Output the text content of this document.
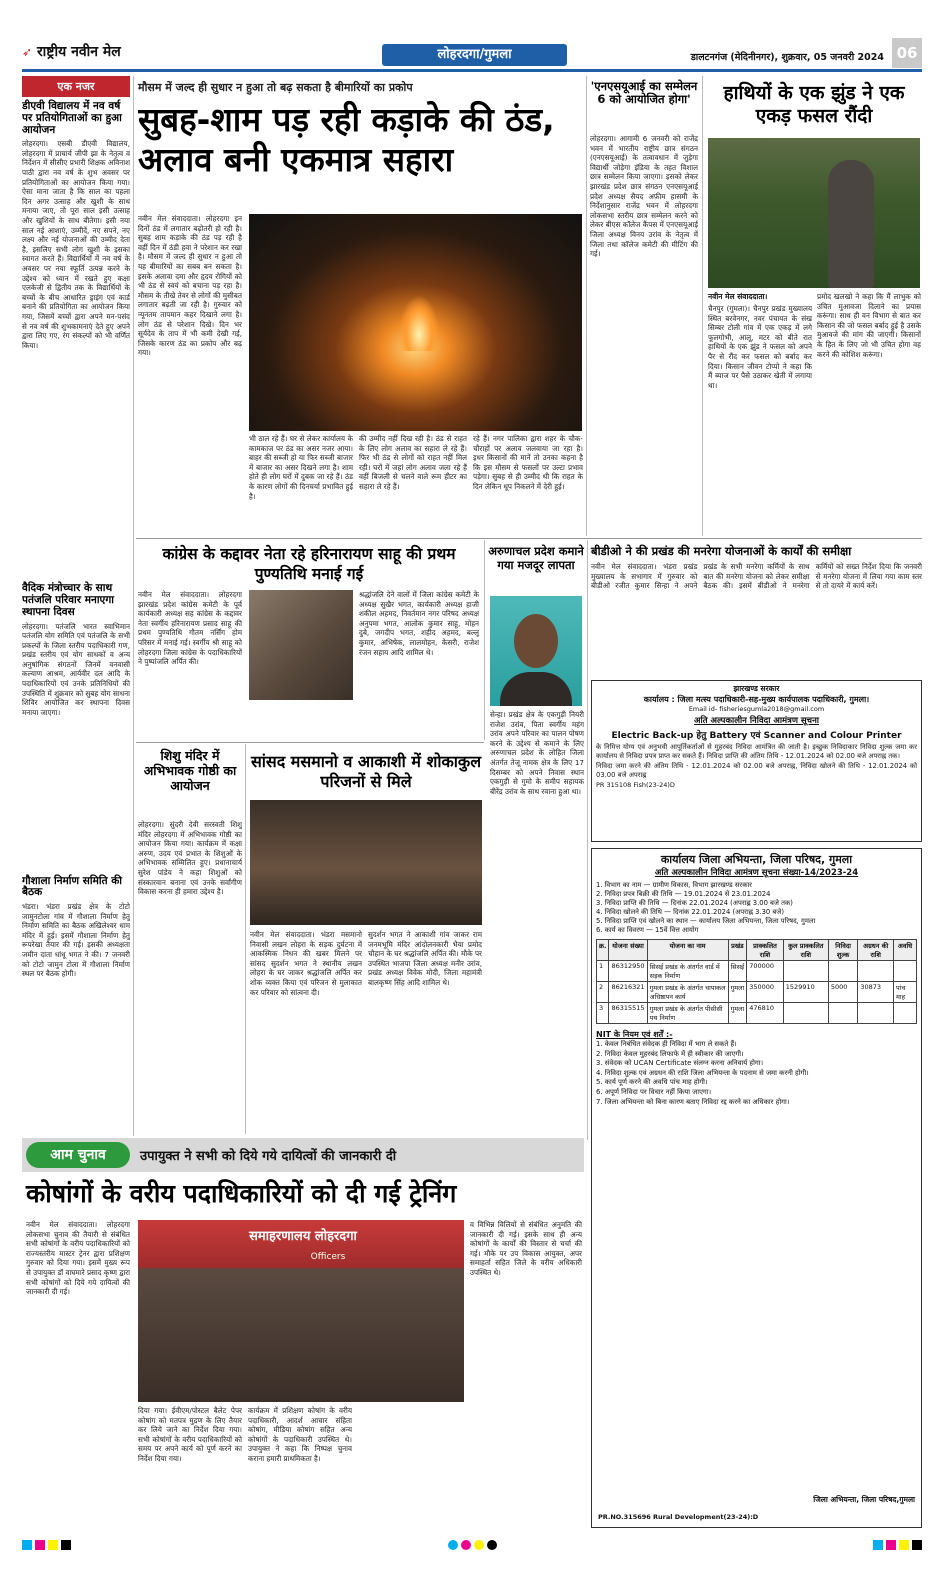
➶ राष्ट्रीय नवीन मेल	लोहरदगा/गुमला	डालटनगंज (मेदिनीनगर), शुक्रवार, 05 जनवरी 2024 06
एक नजर
डीएवी विद्यालय में नव वर्ष पर प्रतियोगिताओं का हुआ आयोजन
लोहरदगा। एसबी डीएवी विद्यालय, लोहरदगा में प्राचार्य जीपी झा के नेतृत्व व निर्देशन में सीसीए प्रभारी शिक्षक अविनाश पाठी द्वारा नव वर्ष के शुभ अवसर पर प्रतियोगिताओं का आयोजन किया गया। ऐसा माना जाता है कि साल का पहला दिन अगर उत्साह और खुशी के साथ मनाया जाए, तो पूरा साल इसी उत्साह और खुशियों के साथ बीतेगा। इसी नया साल नई आशाएं, उम्मीदें, नए सपने, नए लक्ष्य और नई योजनाओं की उम्मीद देता है, इसलिए सभी लोग खुशी के इसका स्वागत करते हैं। विद्यार्थियों में नव वर्ष के अवसर पर नया स्फूर्ति उत्पन्न करने के उद्देश्य को ध्यान में रखते हुए कक्षा एलकेजी से द्वितीय तक के विद्यार्थियों के बच्चों के बीच आधारित ड्राइंग एवं कार्ड बनाने की प्रतियोगिता का आयोजन किया गया, जिसमें बच्चों द्वारा अपने मन-पसंद से नव वर्ष की शुभकामनाएं देते हुए अपने द्वारा लिए गए, रंग संकल्पों को भी वर्णित किया।
वैदिक मंत्रोच्चार के साथ पतंजलि परिवार मनाएगा स्थापना दिवस
लोहरदगा। पतंजलि भारत स्वाभिमान पतंजलि योग समिति एवं पतंजलि के सभी प्रकल्पों के जिला स्तरीय पदाधिकारी गण, प्रखंड स्तरीय एवं योग साधकों व अन्य अनुषांगिक संगठनों जिनमें वनवासी कल्याण आश्रम, आर्यवीर दल आदि के पदाधिकारियों एवं उनके प्रतिनिधियों की उपस्थिति में शुक्रवार को सुबह योग साधना शिविर आयोजित कर स्थापना दिवस मनाया जाएगा।
गौशाला निर्माण समिति की बैठक
भंडरा। भंडरा प्रखंड क्षेत्र के टोटो जामुनटोला गांव में गौशाला निर्माण हेतु निर्माण समिति का बैठक अखिलेश्वर धाम मंदिर में हुई। इसमें गौशाला निर्माण हेतु रूपरेखा तैयार की गई। इसकी अध्यक्षता जमीन दाता धांधू भगत ने की। 7 जनवरी को टोटो जामुन टोला में गौशाला निर्माण स्थल पर बैठक होगी।
मौसम में जल्द ही सुधार न हुआ तो बढ़ सकता है बीमारियों का प्रकोप
सुबह-शाम पड़ रही कड़ाके की ठंड, अलाव बनी एकमात्र सहारा
नवीन मेल संवाददाता। लोहरदगा इन दिनों ठंड में लगातार बढ़ोतरी हो रही है। सुबह शाम कड़ाके की ठंड पड़ रही है वहीं दिन में ठंडी हवा ने परेशान कर रखा है। मौसम में जल्द ही सुधार न हुआ तो यह बीमारियों का सबब बन सकता है। इसके अलावा दमा और हृदय रोगियों को भी ठंड से स्वयं को बचाना पड़ रहा है। मौसम के तीखे तेवर से लोगों की मुसीबत लगातार बढ़ती जा रही है। गुरुवार को न्यूनतम तापमान कहर दिखाने लगा है। लोग ठंड से परेशान दिखे। दिन भर सूर्यदेव के ताप में भी कमी देखी गई, जिसके कारण ठंड का प्रकोप और बढ़ गया।
भी ठाल रहे हैं। घर से लेकर कार्यालय के कामकाज पर ठंड का असर नजर आया। बाहर की सब्जी हो या फिर सब्जी बाजार में बाजार का असर दिखने लगा है। शाम होते ही लोग घरों में दुबक जा रहे हैं। ठंड के कारण लोगों की दिनचर्या प्रभावित हुई है।
की उम्मीद नहीं दिख रही है। ठंड से राहत के लिए लोग अलाव का सहारा ले रहे हैं। फिर भी ठंड से लोगों को राहत नहीं मिल रही। घरों में जहां लोग अलाव जला रहे हैं वहीं बिजली से चलने वाले रूम हीटर का सहारा ले रहे हैं।
रहे हैं। नगर पालिका द्वारा शहर के चौक-चौराहों पर अलाव जलवाया जा रहा है। इधर किसानों की मानें तो उनका कहना है कि इस मौसम से फसलों पर उल्टा प्रभाव पड़ेगा। सुबह से ही उम्मीद थी कि राहत के दिन लेकिन धूप निकलने में देरी हुई।
'एनएसयूआई का सम्मेलन 6 को आयोजित होगा'
लोहरदगा। आगामी 6 जनवरी को राजेंद्र भवन में भारतीय राष्ट्रीय छात्र संगठन (एनएसयूआई) के तत्वावधान में जुड़ेगा विद्यार्थी जोड़ेगा इंडिया के तहत विशाल छात्र सम्मेलन किया जाएगा। इसको लेकर झारखंड प्रदेश छात्र संगठन एनएसयूआई प्रदेश अध्यक्ष सैयद अफ़ीम हासमी के निर्देशानुसार राजेंद्र भवन में लोहरदगा लोकसभा स्तरीय छात्र सम्मेलन करने को लेकर बीएस कॉलेज कैंपस में एनएसयूआई जिला अध्यक्ष विनय उरांव के नेतृत्व में जिला तथा कॉलेज कमेटी की मीटिंग की गई।
हाथियों के एक झुंड ने एक एकड़ फसल रौंदी
नवीन मेल संवाददाता।
चैनपुर (गुमला)। चैनपुर प्रखंड मुख्यालय स्थित बरवेनगर, नवर पंचायत के संख सिम्बर टोली गांव में एक एकड़ में लगे फूलगोभी, आलू, मटर को बीते रात हाथियों के एक झुंड ने फसल को अपने पैर से रौंद कर फसल को बर्बाद कर दिया। किसान जीवन टोप्पो ने कहा कि मैं ब्याज पर पैसे उठाकर खेती में लगाया था।
प्रमोद खलखो ने कहा कि मैं लाभुक को उचित मुआवजा दिलाने का प्रयास करूंगा। साथ ही वन विभाग से बात कर किसान की जो फसल बर्बाद हुई है उसके मुआवजे की मांग की जाएगी। किसानों के हित के लिए जो भी उचित होगा वह करने की कोशिश करूंगा।
कांग्रेस के कद्दावर नेता रहे हरिनारायण साहू की प्रथम पुण्यतिथि मनाई गई
नवीन मेल संवाददाता। लोहरदगा झारखंड प्रदेश कांग्रेस कमेटी के पूर्व कार्यकारी अध्यक्ष सह कांग्रेस के कद्दावर नेता स्वर्गीय हरिनारायण प्रसाद साहू की प्रथम पुण्यतिथि गौतम नर्सिंग होम परिसर में मनाई गई। स्वर्गीय श्री साहू को लोहरदगा जिला कांग्रेस के पदाधिकारियों ने पुष्पांजलि अर्पित की।
श्रद्धांजलि देने वालों में जिला कांग्रेस कमेटी के अध्यक्ष सुखैर भगत, कार्यकारी अध्यक्ष हाजी शकील अहमद, निवर्तमान नगर परिषद अध्यक्ष अनुपमा भगत, आलोक कुमार साहू, मोहन दुबे, जगदीप भगत, शहीद अहमद, बल्लू कुमार, अभिषेक, लालमोहन, केसरी, राजेश रंजन सहाय आदि शामिल थे।
अरुणाचल प्रदेश कमाने गया मजदूर लापता
सेन्हा। प्रखंड क्षेत्र के एकगुड़ी नियरी राजेश उरांव, पिता स्वर्गीय महंग उरांव अपने परिवार का पालन पोषण करने के उद्देश्य से कमाने के लिए अरुणाचल प्रदेश के लोहित जिला अंतर्गत तेजू नामक क्षेत्र के लिए 17 दिसम्बर को अपने निवास स्थान एकगुड़ी से गुमो के समीप सहायक बीरेंद्र उरांव के साथ रवाना हुआ था।
बीडीओ ने की प्रखंड की मनरेगा योजनाओं के कार्यों की समीक्षा
नवीन मेल संवाददाता। भंडरा प्रखंड मुख्यालय के सभागार में गुरुवार को बीडीओ रजीत कुमार सिन्हा ने अपने प्रखंड के सभी मनरेगा कर्मियों के साथ बात की मनरेगा योजना को लेकर समीक्षा बैठक की। इसमें बीडीओ ने मनरेगा कर्मियों को सख्त निर्देश दिया कि जनवरी से मनरेगा योजना में लिया गया काम स्तर से तो दायरे में कार्य करें।
झारखण्ड सरकार
कार्यालय : जिला मत्स्य पदाधिकारी-सह-मुख्य कार्यपालक पदाधिकारी, गुमला।
Email id- fisheriesgumla2018@gmail.com
अति अल्पकालीन निविदा आमंत्रण सूचना
Electric Back-up हेतु Battery एवं Scanner and Colour Printer
के निमित्त योग्य एवं अनुभवी आपूर्तिकर्ताओं से मुहरबंद निविदा आमंत्रित की जाती है। इच्छुक निविदाकार निविदा शुल्क जमा कर कार्यालय से निविदा प्रपत्र प्राप्त कर सकते हैं। निविदा प्राप्ति की अंतिम तिथि - 12.01.2024 को 02.00 बजे अपराह्न तक।
निविदा जमा करने की अंतिम तिथि - 12.01.2024 को 02.00 बजे अपराह्न, निविदा खोलने की तिथि - 12.01.2024 को 03.00 बजे अपराह्न
PR 315108 Fish(23-24)D
कार्यालय जिला अभियन्ता, जिला परिषद, गुमला
अति अल्पकालीन निविदा आमंत्रण सूचना संख्या-14/2023-24
1. विभाग का नाम — ग्रामीण विकास, विभाग झारखण्ड सरकार
2. निविदा प्रपत्र बिक्री की तिथि — 19.01.2024 से 23.01.2024
3. निविदा प्राप्ति की तिथि — दिनांक 22.01.2024 (अपराह्न 3.00 बजे तक)
4. निविदा खोलने की तिथि — दिनांक 22.01.2024 (अपराह्न 3.30 बजे)
5. निविदा प्राप्ति एवं खोलने का स्थान — कार्यालय जिला अभियन्ता, जिला परिषद, गुमला
6. कार्य का विवरण — 15वें वित्त आयोग
क्र.	योजना संख्या	योजना का नाम	प्रखंड	प्राक्कलित राशि	कुल प्राक्कलित राशि	निविदा शुल्क	अग्रधन की राशि	अवधि
1	86312950	सिसई प्रखंड के अंतर्गत वार्ड में सड़क निर्माण	सिसई	700000				
2	86216321	गुमला प्रखंड के अंतर्गत चापाकल अधिष्ठापन कार्य	गुमला	350000	1529910	5000	30873	पांच माह
3	86315515	गुमला प्रखंड के अंतर्गत पीसीसी पथ निर्माण	गुमला	476810				
NIT के नियम एवं शर्तें :-
1. केवल निबंधित संवेदक ही निविदा में भाग ले सकते हैं।
2. निविदा केवल मुहरबंद लिफाफे में ही स्वीकार की जाएगी।
3. संवेदक को UCAN Certificate संलग्न करना अनिवार्य होगा।
4. निविदा शुल्क एवं अग्रधन की राशि जिला अभियन्ता के पदनाम से जमा करनी होगी।
5. कार्य पूर्ण करने की अवधि पांच माह होगी।
6. अपूर्ण निविदा पर विचार नहीं किया जाएगा।
7. जिला अभियन्ता को बिना कारण बताए निविदा रद्द करने का अधिकार होगा।
जिला अभियन्ता, जिला परिषद,गुमला
PR.NO.315696 Rural Development(23-24):D
शिशु मंदिर में अभिभावक गोष्ठी का आयोजन
लोहरदगा। सुंदरी देवी सरस्वती शिशु मंदिर लोहरदगा में अभिभावक गोष्ठी का आयोजन किया गया। कार्यक्रम में कक्षा अरुण, उदय एवं प्रभात के शिशुओं के अभिभावक सम्मिलित हुए। प्रधानाचार्य सुरेश पांडेय ने कहा शिशुओं को संस्कारवान बनाना एवं उनके सर्वांगीण विकास करना ही हमारा उद्देश्य है।
सांसद मसमानो व आकाशी में शोकाकुल परिजनों से मिले
नवीन मेल संवाददाता। भंडरा मसमानो निवासी लखन लोहरा के सड़क दुर्घटना में आकस्मिक निधन की खबर मिलने पर सांसद सुदर्शन भगत ने स्थानीय लखन लोहरा के घर जाकर श्रद्धांजलि अर्पित कर शोक व्यक्त किया एवं परिजन से मुलाकात कर परिवार को सांत्वना दी।
सुदर्शन भगत ने आकाशी गांव जाकर राम जनमभूमि मंदिर आंदोलनकारी भैया प्रमोद चौहान के घर श्रद्धांजलि अर्पित की। मौके पर उपस्थित भाजपा जिला अध्यक्ष मनीर उरांव, प्रखंड अध्यक्ष विवेक मोदी, जिला महामंत्री बालकृष्ण सिंह आदि शामिल थे।
आम चुनाव	उपायुक्त ने सभी को दिये गये दायित्वों की जानकारी दी
कोषांगों के वरीय पदाधिकारियों को दी गई ट्रेनिंग
नवीन मेल संवाददाता। लोहरदगा लोकसभा चुनाव की तैयारी से संबंधित सभी कोषांगों के वरीय पदाधिकारियों को राज्यस्तरीय मास्टर ट्रेनर द्वारा प्रशिक्षण गुरुवार को दिया गया। इसमें मुख्य रूप से उपायुक्त डॉ वाघमारे प्रसाद कृष्ण द्वारा सभी कोषांगों को दिये गये दायित्वों की जानकारी दी गई।
समाहरणालय लोहरदगा
Officers
दिया गया। ईवीएम/पोस्टल बैलेट पेपर कोषांग को मतपत्र मुद्रण के लिए तैयार कर लिये जाने का निर्देश दिया गया। सभी कोषांगों के वरीय पदाधिकारियों को समय पर अपने कार्य को पूर्ण करने का निर्देश दिया गया।
कार्यक्रम में प्रशिक्षण कोषांग के वरीय पदाधिकारी, आदर्श आचार संहिता कोषांग, मीडिया कोषांग सहित अन्य कोषांगों के पदाधिकारी उपस्थित थे। उपायुक्त ने कहा कि निष्पक्ष चुनाव कराना हमारी प्राथमिकता है।
व विभिन्न विलियों से संबंधित अनुमति की जानकारी दी गई। इसके साथ ही अन्य कोषांगों के कार्यों की विस्तार से चर्चा की गई। मौके पर उप विकास आयुक्त, अपर समाहर्ता सहित जिले के वरीय अधिकारी उपस्थित थे।
